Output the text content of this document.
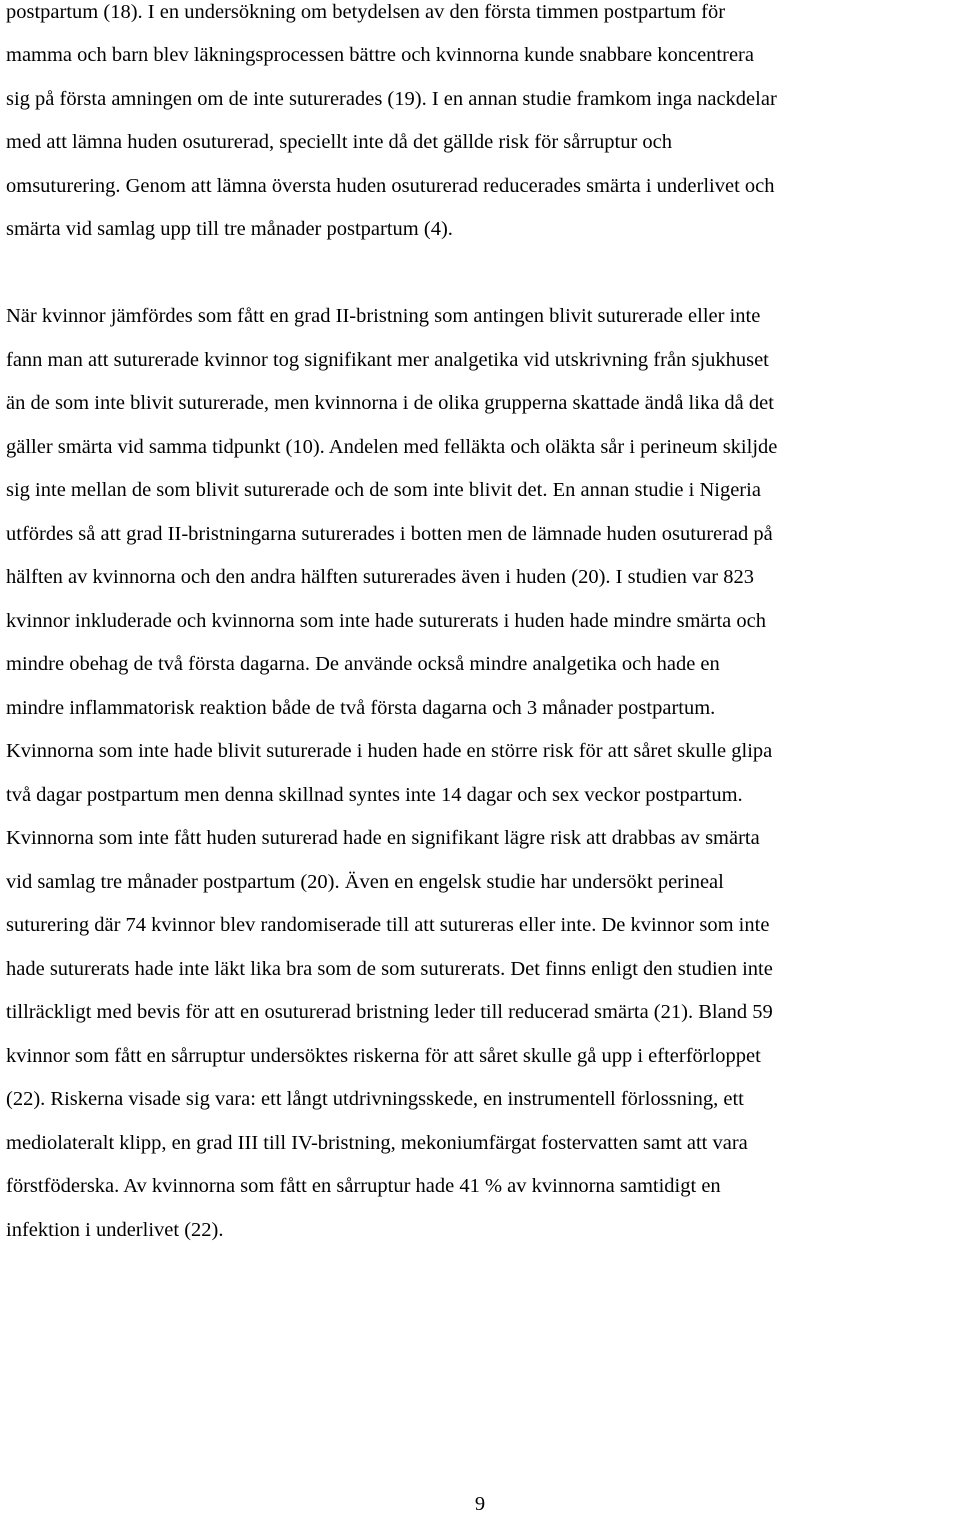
postpartum (18). I en undersökning om betydelsen av den första timmen postpartum för
mamma och barn blev läkningsprocessen bättre och kvinnorna kunde snabbare koncentrera
sig på första amningen om de inte suturerades (19). I en annan studie framkom inga nackdelar
med att lämna huden osuturerad, speciellt inte då det gällde risk för sårruptur och
omsuturering. Genom att lämna översta huden osuturerad reducerades smärta i underlivet och
smärta vid samlag upp till tre månader postpartum (4).
När kvinnor jämfördes som fått en grad II-bristning som antingen blivit suturerade eller inte
fann man att suturerade kvinnor tog signifikant mer analgetika vid utskrivning från sjukhuset
än de som inte blivit suturerade, men kvinnorna i de olika grupperna skattade ändå lika då det
gäller smärta vid samma tidpunkt (10). Andelen med felläkta och oläkta sår i perineum skiljde
sig inte mellan de som blivit suturerade och de som inte blivit det. En annan studie i Nigeria
utfördes så att grad II-bristningarna suturerades i botten men de lämnade huden osuturerad på
hälften av kvinnorna och den andra hälften suturerades även i huden (20). I studien var 823
kvinnor inkluderade och kvinnorna som inte hade suturerats i huden hade mindre smärta och
mindre obehag de två första dagarna. De använde också mindre analgetika och hade en
mindre inflammatorisk reaktion både de två första dagarna och 3 månader postpartum.
Kvinnorna som inte hade blivit suturerade i huden hade en större risk för att såret skulle glipa
två dagar postpartum men denna skillnad syntes inte 14 dagar och sex veckor postpartum.
Kvinnorna som inte fått huden suturerad hade en signifikant lägre risk att drabbas av smärta
vid samlag tre månader postpartum (20). Även en engelsk studie har undersökt perineal
suturering där 74 kvinnor blev randomiserade till att sutureras eller inte. De kvinnor som inte
hade suturerats hade inte läkt lika bra som de som suturerats. Det finns enligt den studien inte
tillräckligt med bevis för att en osuturerad bristning leder till reducerad smärta (21). Bland 59
kvinnor som fått en sårruptur undersöktes riskerna för att såret skulle gå upp i efterförloppet
(22). Riskerna visade sig vara: ett långt utdrivningsskede, en instrumentell förlossning, ett
mediolateralt klipp, en grad III till IV-bristning, mekoniumfärgat fostervatten samt att vara
förstföderska. Av kvinnorna som fått en sårruptur hade 41 % av kvinnorna samtidigt en
infektion i underlivet (22).
9
